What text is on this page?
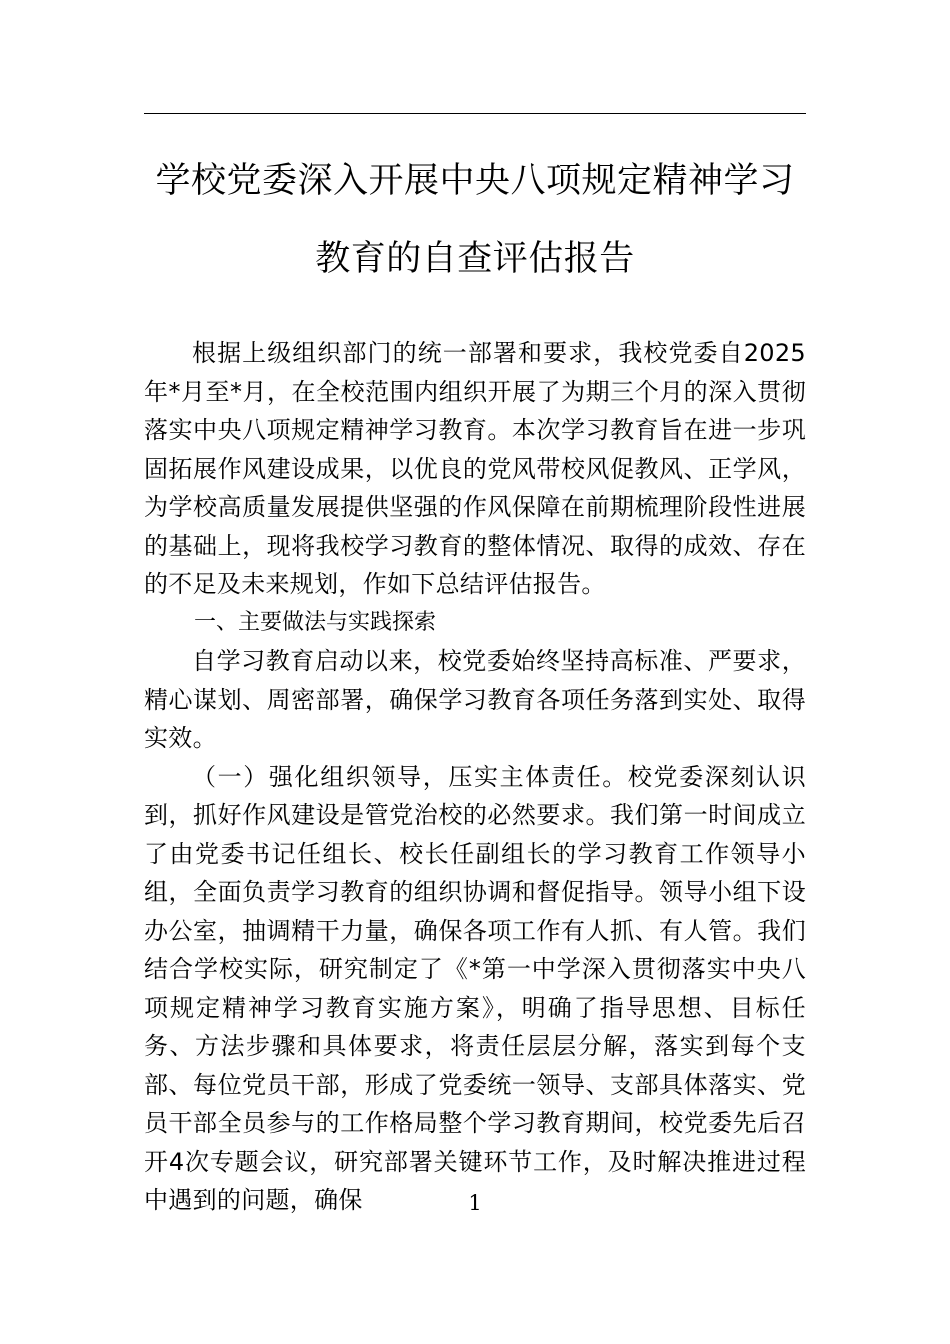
学校党委深入开展中央八项规定精神学习教育的自查评估报告

根据上级组织部门的统一部署和要求，我校党委自2025年*月至*月，在全校范围内组织开展了为期三个月的深入贯彻落实中央八项规定精神学习教育。本次学习教育旨在进一步巩固拓展作风建设成果，以优良的党风带校风促教风、正学风，为学校高质量发展提供坚强的作风保障在前期梳理阶段性进展的基础上，现将我校学习教育的整体情况、取得的成效、存在的不足及未来规划，作如下总结评估报告。

一、主要做法与实践探索

自学习教育启动以来，校党委始终坚持高标准、严要求，精心谋划、周密部署，确保学习教育各项任务落到实处、取得实效。

（一）强化组织领导，压实主体责任。校党委深刻认识到，抓好作风建设是管党治校的必然要求。我们第一时间成立了由党委书记任组长、校长任副组长的学习教育工作领导小组，全面负责学习教育的组织协调和督促指导。领导小组下设办公室，抽调精干力量，确保各项工作有人抓、有人管。我们结合学校实际，研究制定了《*第一中学深入贯彻落实中央八项规定精神学习教育实施方案》，明确了指导思想、目标任务、方法步骤和具体要求，将责任层层分解，落实到每个支部、每位党员干部，形成了党委统一领导、支部具体落实、党员干部全员参与的工作格局整个学习教育期间，校党委先后召开4次专题会议，研究部署关键环节工作，及时解决推进过程中遇到的问题，确保	1
